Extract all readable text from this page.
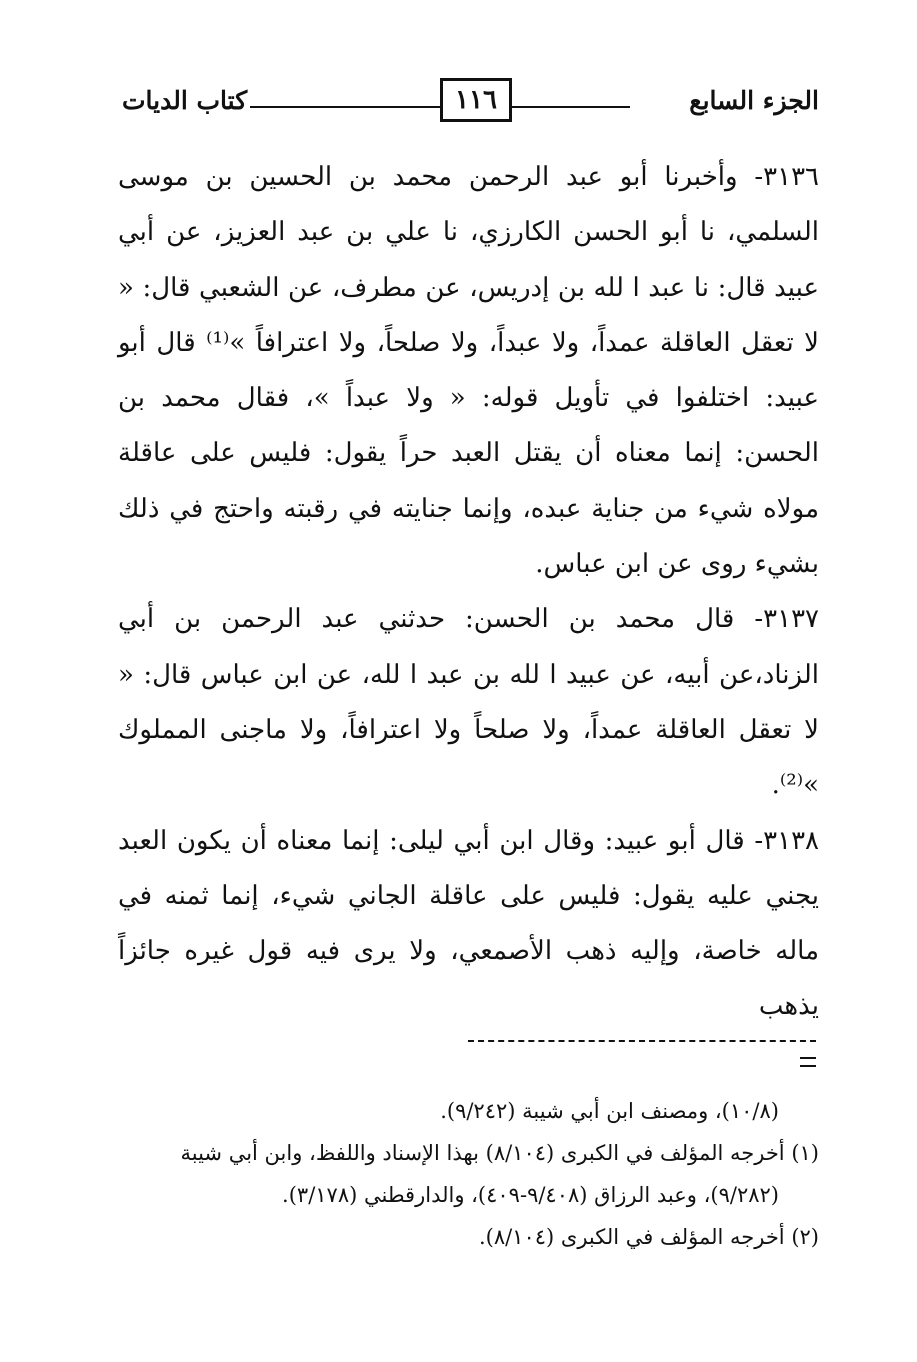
الجزء السابع
١١٦
كتاب الديات

٣١٣٦- وأخبرنا أبو عبد الرحمن محمد بن الحسين بن موسى السلمي، نا أبو الحسن الكارزي، نا علي بن عبد العزيز، عن أبي عبيد قال: نا عبد ا لله بن إدريس، عن مطرف، عن الشعبي قال: « لا تعقل العاقلة عمداً، ولا عبداً، ولا صلحاً، ولا اعترافاً »⁽¹⁾ قال أبو عبيد: اختلفوا في تأويل قوله: « ولا عبداً »، فقال محمد بن الحسن: إنما معناه أن يقتل العبد حراً يقول: فليس على عاقلة مولاه شيء من جناية عبده، وإنما جنايته في رقبته واحتج في ذلك بشيء روى عن ابن عباس.

٣١٣٧- قال محمد بن الحسن: حدثني عبد الرحمن بن أبي الزناد،عن أبيه، عن عبيد ا لله بن عبد ا لله، عن ابن عباس قال: « لا تعقل العاقلة عمداً، ولا صلحاً ولا اعترافاً، ولا ماجنى المملوك »⁽²⁾.

٣١٣٨- قال أبو عبيد: وقال ابن أبي ليلى: إنما معناه أن يكون العبد يجني عليه يقول: فليس على عاقلة الجاني شيء، إنما ثمنه في ماله خاصة، وإليه ذهب الأصمعي، ولا يرى فيه قول غيره جائزاً يذهب

(١٠/٨)، ومصنف ابن أبي شيبة (٩/٢٤٢).

(١) أخرجه المؤلف في الكبرى (٨/١٠٤) بهذا الإسناد واللفظ، وابن أبي شيبة

(٩/٢٨٢)، وعبد الرزاق (٩/٤٠٨-٤٠٩)، والدارقطني (٣/١٧٨).

(٢) أخرجه المؤلف في الكبرى (٨/١٠٤).
